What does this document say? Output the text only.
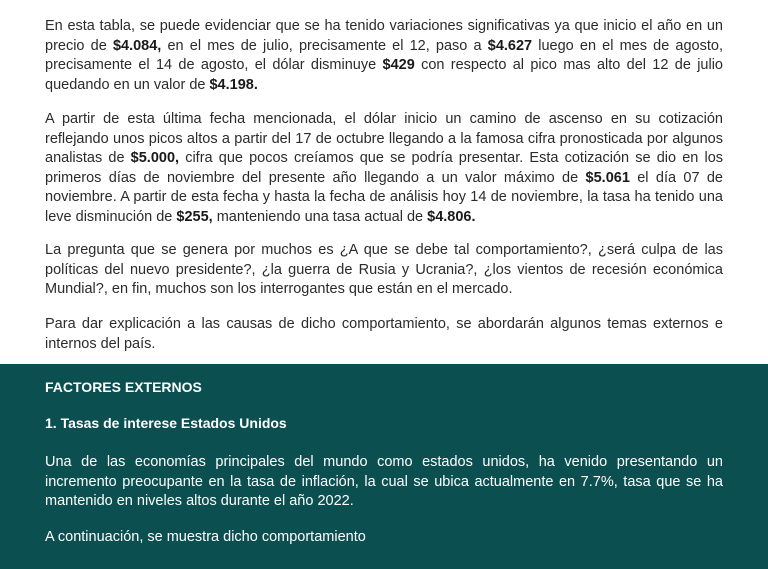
En esta tabla, se puede evidenciar que se ha tenido variaciones significativas ya que inicio el año en un precio de $4.084, en el mes de julio, precisamente el 12, paso a $4.627 luego en el mes de agosto, precisamente el 14 de agosto, el dólar disminuye $429 con respecto al pico mas alto del 12 de julio quedando en un valor de $4.198.

A partir de esta última fecha mencionada, el dólar inicio un camino de ascenso en su cotización reflejando unos picos altos a partir del 17 de octubre llegando a la famosa cifra pronosticada por algunos analistas de $5.000, cifra que pocos creíamos que se podría presentar. Esta cotización se dio en los primeros días de noviembre del presente año llegando a un valor máximo de $5.061 el día 07 de noviembre. A partir de esta fecha y hasta la fecha de análisis hoy 14 de noviembre, la tasa ha tenido una leve disminución de $255, manteniendo una tasa actual de $4.806.

La pregunta que se genera por muchos es ¿A que se debe tal comportamiento?, ¿será culpa de las políticas del nuevo presidente?, ¿la guerra de Rusia y Ucrania?, ¿los vientos de recesión económica Mundial?, en fin, muchos son los interrogantes que están en el mercado.

Para dar explicación a las causas de dicho comportamiento, se abordarán algunos temas externos e internos del país.

FACTORES EXTERNOS
1. Tasas de interese Estados Unidos

Una de las economías principales del mundo como estados unidos, ha venido presentando un incremento preocupante en la tasa de inflación, la cual se ubica actualmente en 7.7%, tasa que se ha mantenido en niveles altos durante el año 2022.

A continuación, se muestra dicho comportamiento
